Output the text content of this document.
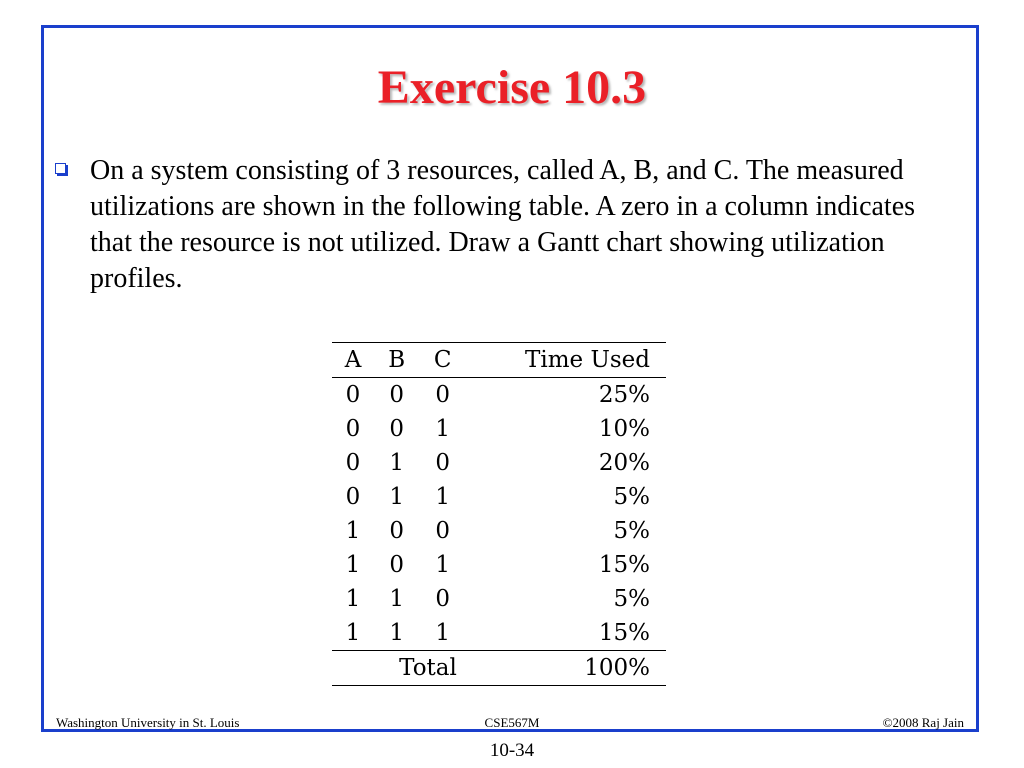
Exercise 10.3

On a system consisting of 3 resources, called A, B, and C. The measured utilizations are shown in the following table. A zero in a column indicates that the resource is not utilized. Draw a Gantt chart showing utilization profiles.

A	B	C	Time Used
0	0	0	25%
0	0	1	10%
0	1	0	20%
0	1	1	5%
1	0	0	5%
1	0	1	15%
1	1	0	5%
1	1	1	15%
	Total		100%
Washington University in St. Louis	CSE567M	©2008 Raj Jain
10-34
